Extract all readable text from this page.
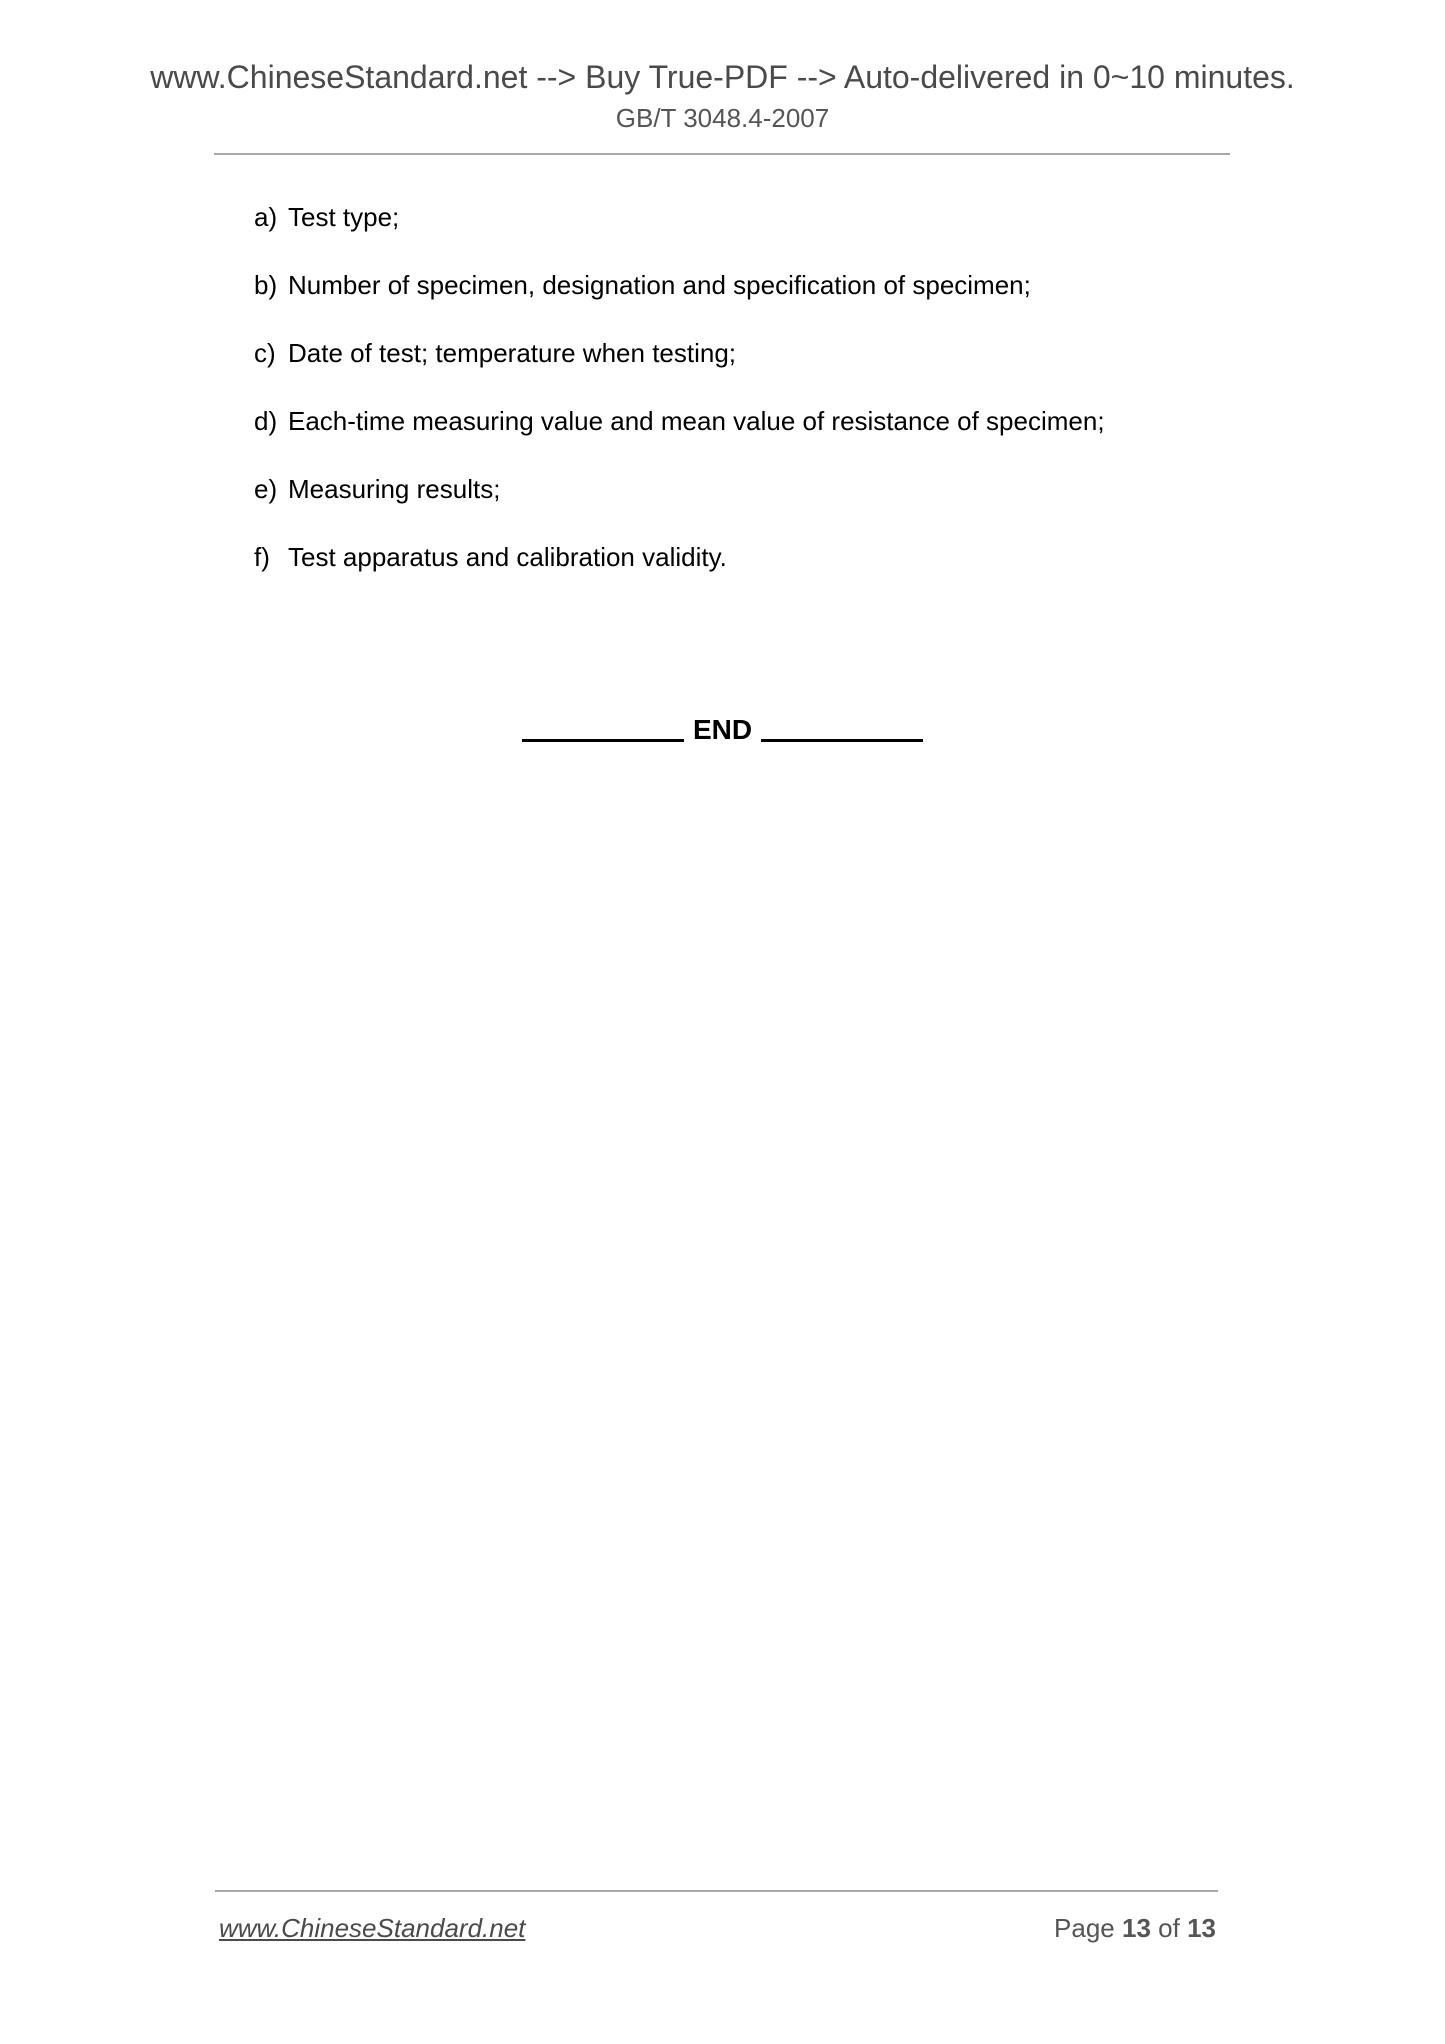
www.ChineseStandard.net --> Buy True-PDF --> Auto-delivered in 0~10 minutes.
GB/T 3048.4-2007
a) Test type;
b) Number of specimen, designation and specification of specimen;
c) Date of test; temperature when testing;
d) Each-time measuring value and mean value of resistance of specimen;
e) Measuring results;
f) Test apparatus and calibration validity.
END
www.ChineseStandard.net	Page 13 of 13
